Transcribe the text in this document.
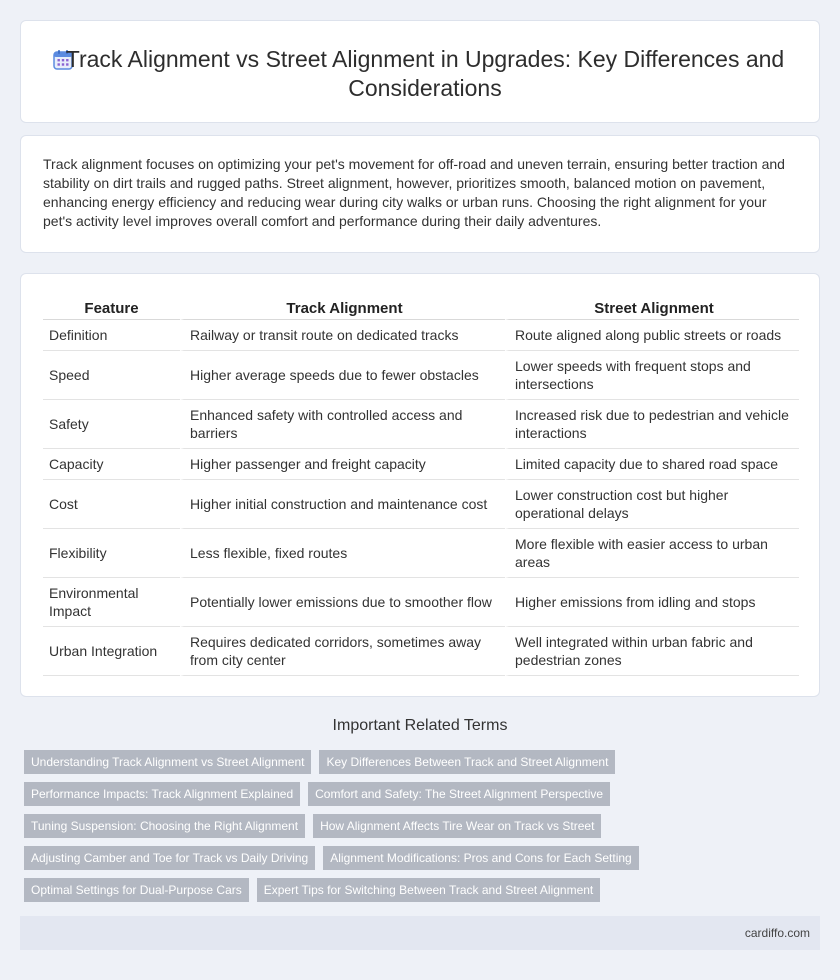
Track Alignment vs Street Alignment in Upgrades: Key Differences and Considerations

Track alignment focuses on optimizing your pet's movement for off-road and uneven terrain, ensuring better traction and stability on dirt trails and rugged paths. Street alignment, however, prioritizes smooth, balanced motion on pavement, enhancing energy efficiency and reducing wear during city walks or urban runs. Choosing the right alignment for your pet's activity level improves overall comfort and performance during their daily adventures.

Feature	Track Alignment	Street Alignment
Definition	Railway or transit route on dedicated tracks	Route aligned along public streets or roads
Speed	Higher average speeds due to fewer obstacles	Lower speeds with frequent stops and intersections
Safety	Enhanced safety with controlled access and barriers	Increased risk due to pedestrian and vehicle interactions
Capacity	Higher passenger and freight capacity	Limited capacity due to shared road space
Cost	Higher initial construction and maintenance cost	Lower construction cost but higher operational delays
Flexibility	Less flexible, fixed routes	More flexible with easier access to urban areas
Environmental Impact	Potentially lower emissions due to smoother flow	Higher emissions from idling and stops
Urban Integration	Requires dedicated corridors, sometimes away from city center	Well integrated within urban fabric and pedestrian zones
Important Related Terms
Understanding Track Alignment vs Street Alignment	Key Differences Between Track and Street Alignment
Performance Impacts: Track Alignment Explained	Comfort and Safety: The Street Alignment Perspective
Tuning Suspension: Choosing the Right Alignment	How Alignment Affects Tire Wear on Track vs Street
Adjusting Camber and Toe for Track vs Daily Driving	Alignment Modifications: Pros and Cons for Each Setting
Optimal Settings for Dual-Purpose Cars	Expert Tips for Switching Between Track and Street Alignment
cardiffo.com
